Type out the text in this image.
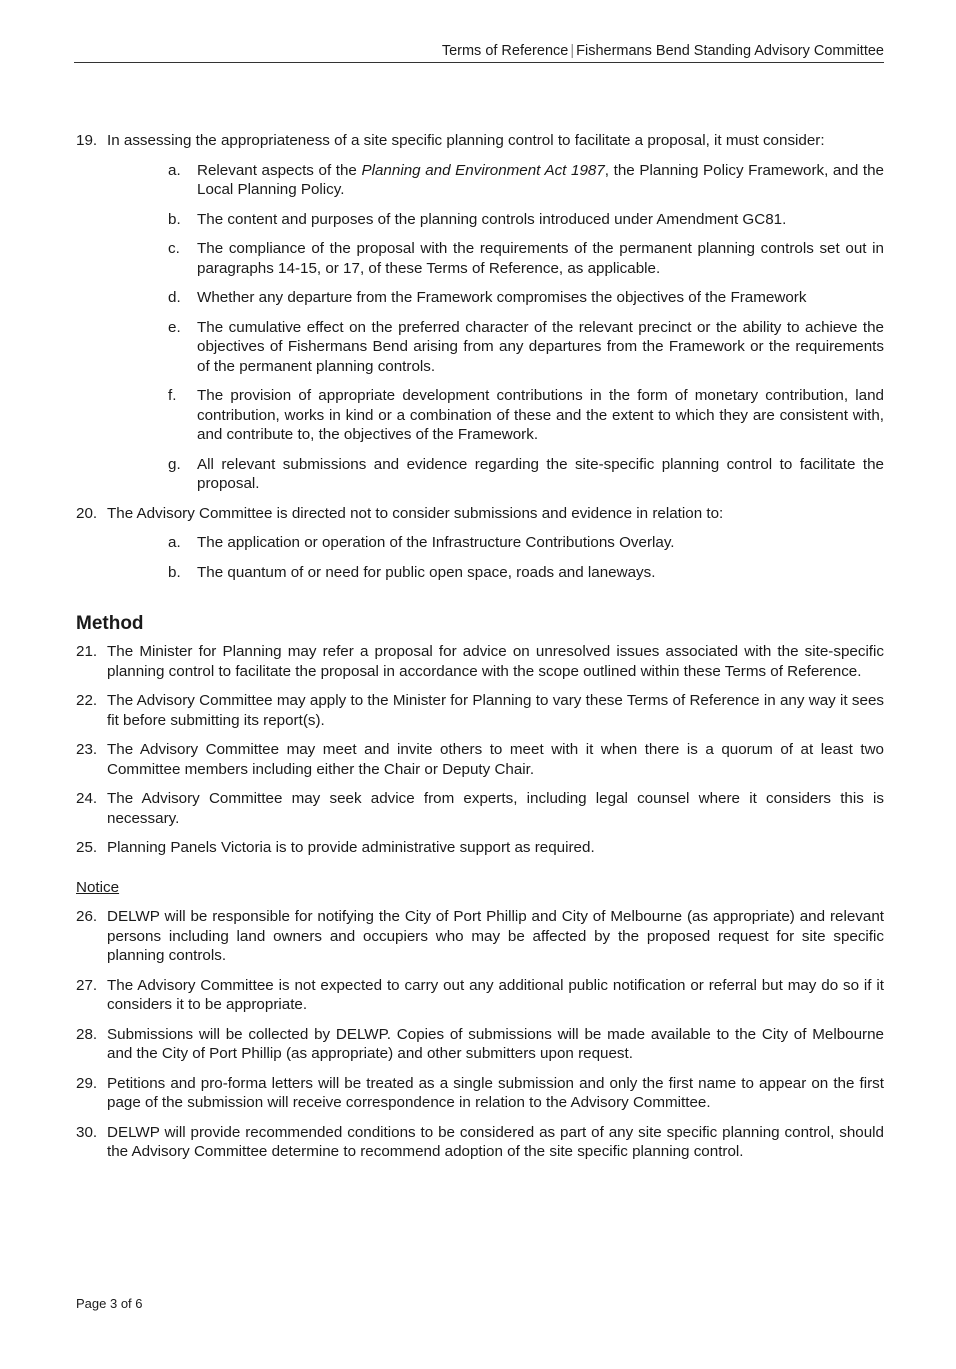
Terms of Reference | Fishermans Bend Standing Advisory Committee
19. In assessing the appropriateness of a site specific planning control to facilitate a proposal, it must consider:
a. Relevant aspects of the Planning and Environment Act 1987, the Planning Policy Framework, and the Local Planning Policy.
b. The content and purposes of the planning controls introduced under Amendment GC81.
c. The compliance of the proposal with the requirements of the permanent planning controls set out in paragraphs 14-15, or 17, of these Terms of Reference, as applicable.
d. Whether any departure from the Framework compromises the objectives of the Framework
e. The cumulative effect on the preferred character of the relevant precinct or the ability to achieve the objectives of Fishermans Bend arising from any departures from the Framework or the requirements of the permanent planning controls.
f. The provision of appropriate development contributions in the form of monetary contribution, land contribution, works in kind or a combination of these and the extent to which they are consistent with, and contribute to, the objectives of the Framework.
g. All relevant submissions and evidence regarding the site-specific planning control to facilitate the proposal.
20. The Advisory Committee is directed not to consider submissions and evidence in relation to:
a. The application or operation of the Infrastructure Contributions Overlay.
b. The quantum of or need for public open space, roads and laneways.
Method
21. The Minister for Planning may refer a proposal for advice on unresolved issues associated with the site-specific planning control to facilitate the proposal in accordance with the scope outlined within these Terms of Reference.
22. The Advisory Committee may apply to the Minister for Planning to vary these Terms of Reference in any way it sees fit before submitting its report(s).
23. The Advisory Committee may meet and invite others to meet with it when there is a quorum of at least two Committee members including either the Chair or Deputy Chair.
24. The Advisory Committee may seek advice from experts, including legal counsel where it considers this is necessary.
25. Planning Panels Victoria is to provide administrative support as required.
Notice
26. DELWP will be responsible for notifying the City of Port Phillip and City of Melbourne (as appropriate) and relevant persons including land owners and occupiers who may be affected by the proposed request for site specific planning controls.
27. The Advisory Committee is not expected to carry out any additional public notification or referral but may do so if it considers it to be appropriate.
28. Submissions will be collected by DELWP. Copies of submissions will be made available to the City of Melbourne and the City of Port Phillip (as appropriate) and other submitters upon request.
29. Petitions and pro-forma letters will be treated as a single submission and only the first name to appear on the first page of the submission will receive correspondence in relation to the Advisory Committee.
30. DELWP will provide recommended conditions to be considered as part of any site specific planning control, should the Advisory Committee determine to recommend adoption of the site specific planning control.
Page 3 of 6
